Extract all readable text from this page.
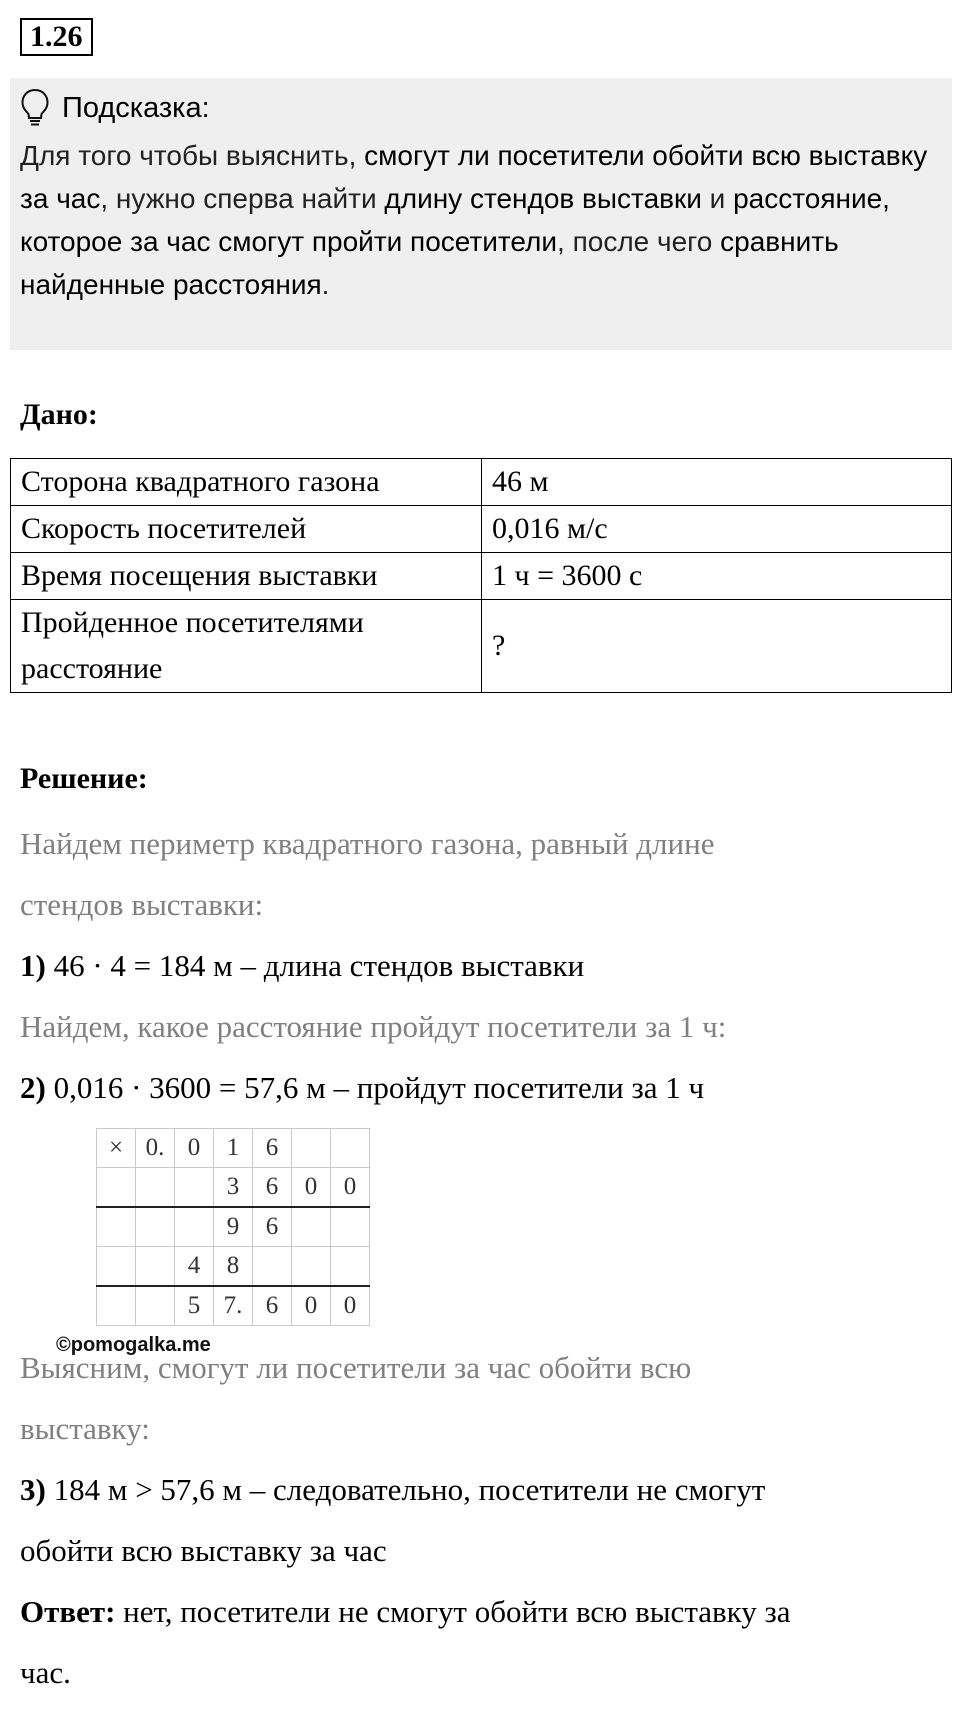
1.26
Подсказка:
Для того чтобы выяснить, смогут ли посетители обойти всю выставку за час, нужно сперва найти длину стендов выставки и расстояние, которое за час смогут пройти посетители, после чего сравнить найденные расстояния.
Дано:
Сторона квадратного газона	46 м
Скорость посетителей	0,016 м/с
Время посещения выставки	1 ч = 3600 с
Пройденное посетителями
расстояние	?
Решение:
Найдем периметр квадратного газона, равный длине
стендов выставки:
1) 46 · 4 = 184 м – длина стендов выставки
Найдем, какое расстояние пройдут посетители за 1 ч:
2) 0,016 · 3600 = 57,6 м – пройдут посетители за 1 ч
×	0.	0	1	6		
			3	6	0	0
			9	6		
		4	8			
		5	7.	6	0	0
©pomogalka.me
Выясним, смогут ли посетители за час обойти всю
выставку:
3) 184 м > 57,6 м – следовательно, посетители не смогут
обойти всю выставку за час
Ответ: нет, посетители не смогут обойти всю выставку за
час.
